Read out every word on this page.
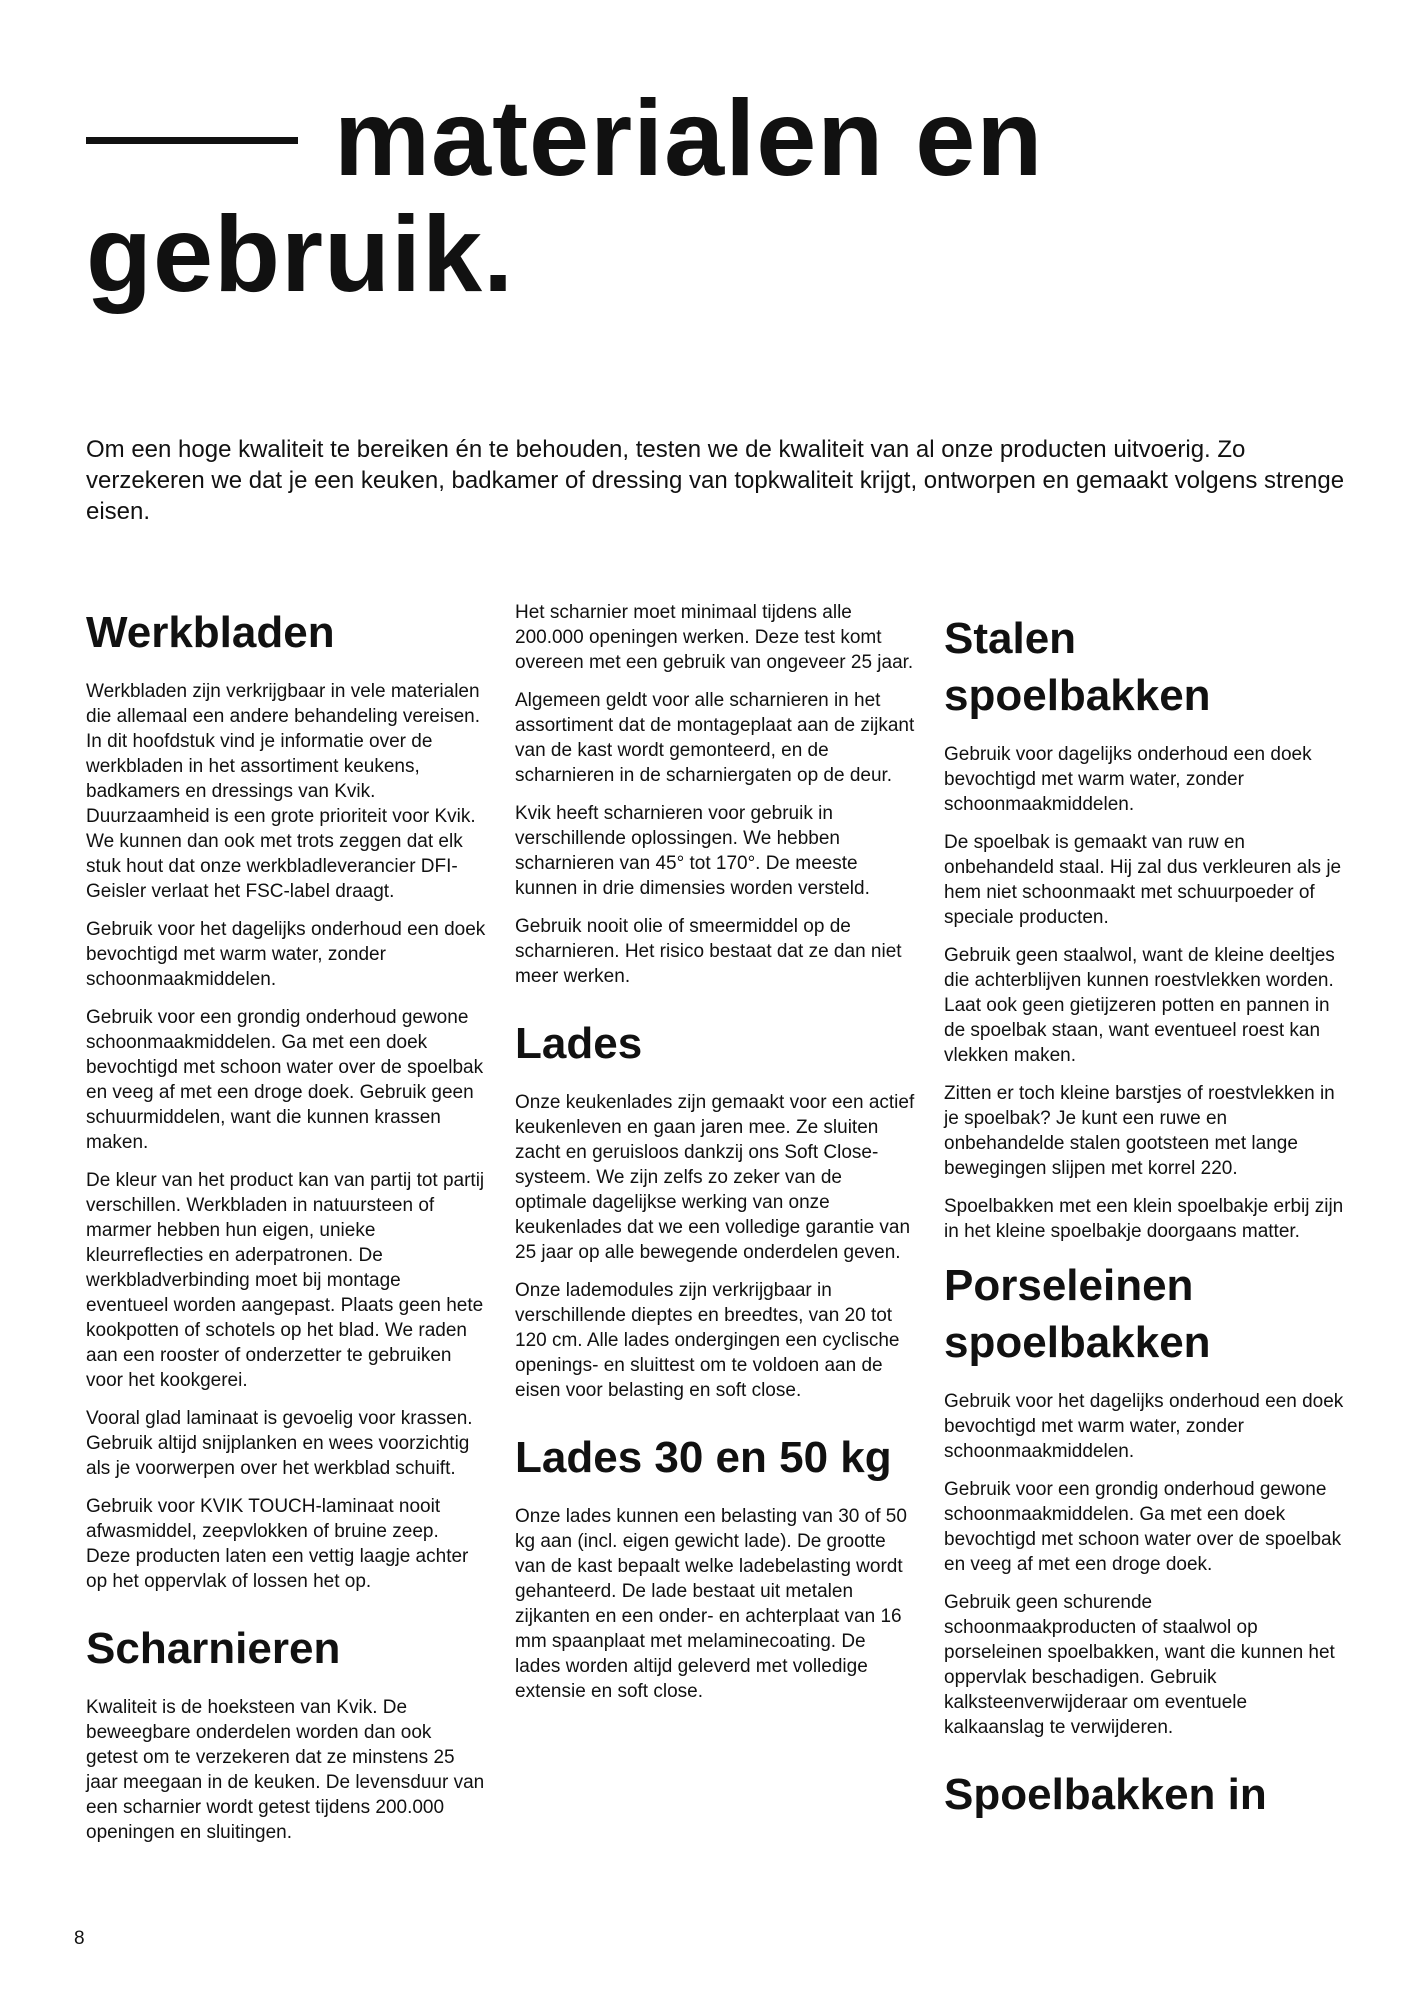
materialen en gebruik.

Om een hoge kwaliteit te bereiken én te behouden, testen we de kwaliteit van al onze producten uitvoerig. Zo verzekeren we dat je een keuken, badkamer of dressing van topkwaliteit krijgt, ontworpen en gemaakt volgens strenge eisen.

Werkbladen

Werkbladen zijn verkrijgbaar in vele materialen die allemaal een andere behandeling vereisen. In dit hoofdstuk vind je informatie over de werkbladen in het assortiment keukens, badkamers en dressings van Kvik. Duurzaamheid is een grote prioriteit voor Kvik. We kunnen dan ook met trots zeggen dat elk stuk hout dat onze werkbladleverancier DFI-Geisler verlaat het FSC-label draagt.

Gebruik voor het dagelijks onderhoud een doek bevochtigd met warm water, zonder schoonmaakmiddelen.

Gebruik voor een grondig onderhoud gewone schoonmaakmiddelen. Ga met een doek bevochtigd met schoon water over de spoelbak en veeg af met een droge doek. Gebruik geen schuurmiddelen, want die kunnen krassen maken.

De kleur van het product kan van partij tot partij verschillen. Werkbladen in natuursteen of marmer hebben hun eigen, unieke kleurreflecties en aderpatronen. De werkbladverbinding moet bij montage eventueel worden aangepast. Plaats geen hete kookpotten of schotels op het blad. We raden aan een rooster of onderzetter te gebruiken voor het kookgerei.

Vooral glad laminaat is gevoelig voor krassen. Gebruik altijd snijplanken en wees voorzichtig als je voorwerpen over het werkblad schuift.

Gebruik voor KVIK TOUCH-laminaat nooit afwasmiddel, zeepvlokken of bruine zeep. Deze producten laten een vettig laagje achter op het oppervlak of lossen het op.

Scharnieren

Kwaliteit is de hoeksteen van Kvik. De beweegbare onderdelen worden dan ook getest om te verzekeren dat ze minstens 25 jaar meegaan in de keuken. De levensduur van een scharnier wordt getest tijdens 200.000 openingen en sluitingen.

Het scharnier moet minimaal tijdens alle 200.000 openingen werken. Deze test komt overeen met een gebruik van ongeveer 25 jaar.

Algemeen geldt voor alle scharnieren in het assortiment dat de montageplaat aan de zijkant van de kast wordt gemonteerd, en de scharnieren in de scharniergaten op de deur.

Kvik heeft scharnieren voor gebruik in verschillende oplossingen. We hebben scharnieren van 45° tot 170°. De meeste kunnen in drie dimensies worden versteld.

Gebruik nooit olie of smeermiddel op de scharnieren. Het risico bestaat dat ze dan niet meer werken.

Lades

Onze keukenlades zijn gemaakt voor een actief keukenleven en gaan jaren mee. Ze sluiten zacht en geruisloos dankzij ons Soft Close-systeem. We zijn zelfs zo zeker van de optimale dagelijkse werking van onze keukenlades dat we een volledige garantie van 25 jaar op alle bewegende onderdelen geven.

Onze lademodules zijn verkrijgbaar in verschillende dieptes en breedtes, van 20 tot 120 cm. Alle lades ondergingen een cyclische openings- en sluittest om te voldoen aan de eisen voor belasting en soft close.

Lades 30 en 50 kg

Onze lades kunnen een belasting van 30 of 50 kg aan (incl. eigen gewicht lade). De grootte van de kast bepaalt welke ladebelasting wordt gehanteerd. De lade bestaat uit metalen zijkanten en een onder- en achterplaat van 16 mm spaanplaat met melaminecoating. De lades worden altijd geleverd met volledige extensie en soft close.

Stalen spoelbakken

Gebruik voor dagelijks onderhoud een doek bevochtigd met warm water, zonder schoonmaakmiddelen.

De spoelbak is gemaakt van ruw en onbehandeld staal. Hij zal dus verkleuren als je hem niet schoonmaakt met schuurpoeder of speciale producten.

Gebruik geen staalwol, want de kleine deeltjes die achterblijven kunnen roestvlekken worden. Laat ook geen gietijzeren potten en pannen in de spoelbak staan, want eventueel roest kan vlekken maken.

Zitten er toch kleine barstjes of roestvlekken in je spoelbak? Je kunt een ruwe en onbehandelde stalen gootsteen met lange bewegingen slijpen met korrel 220.

Spoelbakken met een klein spoelbakje erbij zijn in het kleine spoelbakje doorgaans matter.

Porseleinen spoelbakken

Gebruik voor het dagelijks onderhoud een doek bevochtigd met warm water, zonder schoonmaakmiddelen.

Gebruik voor een grondig onderhoud gewone schoonmaakmiddelen. Ga met een doek bevochtigd met schoon water over de spoelbak en veeg af met een droge doek.

Gebruik geen schurende schoonmaakproducten of staalwol op porseleinen spoelbakken, want die kunnen het oppervlak beschadigen. Gebruik kalksteenverwijderaar om eventuele kalkaanslag te verwijderen.

Spoelbakken in

8
